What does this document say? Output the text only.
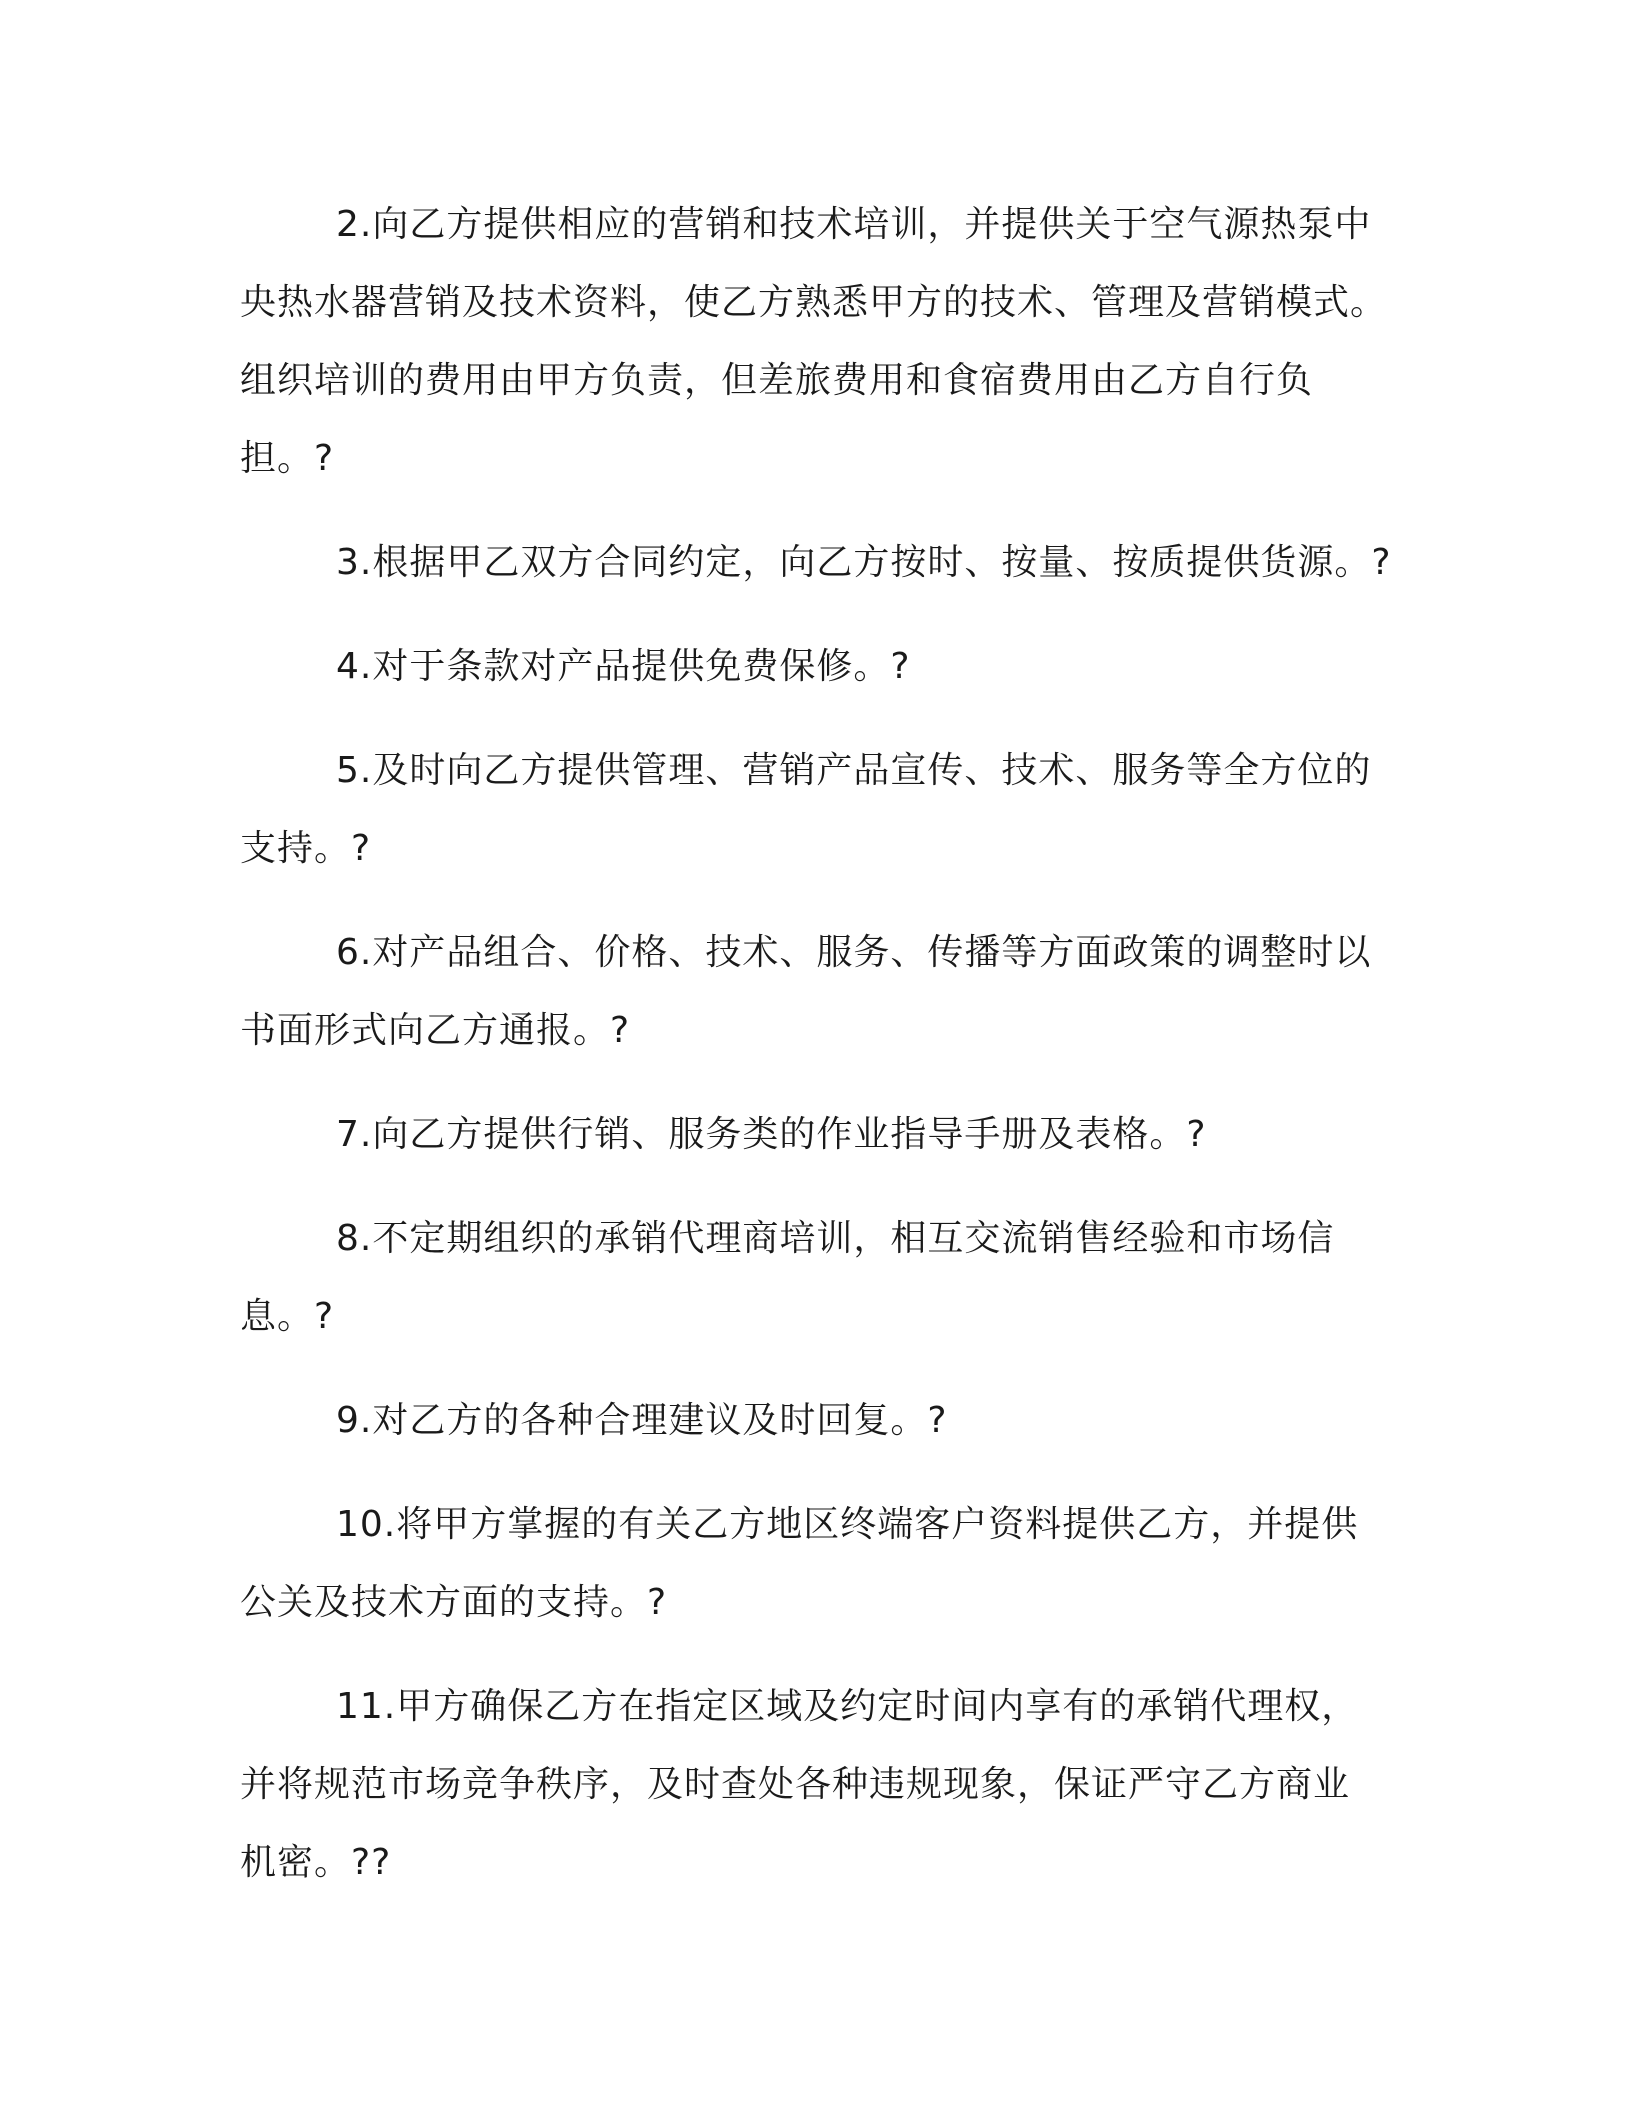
2.向乙方提供相应的营销和技术培训，并提供关于空气源热泵中
央热水器营销及技术资料，使乙方熟悉甲方的技术、管理及营销模式。
组织培训的费用由甲方负责，但差旅费用和食宿费用由乙方自行负
担。?
3.根据甲乙双方合同约定，向乙方按时、按量、按质提供货源。?
4.对于条款对产品提供免费保修。?
5.及时向乙方提供管理、营销产品宣传、技术、服务等全方位的
支持。?
6.对产品组合、价格、技术、服务、传播等方面政策的调整时以
书面形式向乙方通报。?
7.向乙方提供行销、服务类的作业指导手册及表格。?
8.不定期组织的承销代理商培训，相互交流销售经验和市场信
息。?
9.对乙方的各种合理建议及时回复。?
10.将甲方掌握的有关乙方地区终端客户资料提供乙方，并提供
公关及技术方面的支持。?
11.甲方确保乙方在指定区域及约定时间内享有的承销代理权，
并将规范市场竞争秩序，及时查处各种违规现象，保证严守乙方商业
机密。??
